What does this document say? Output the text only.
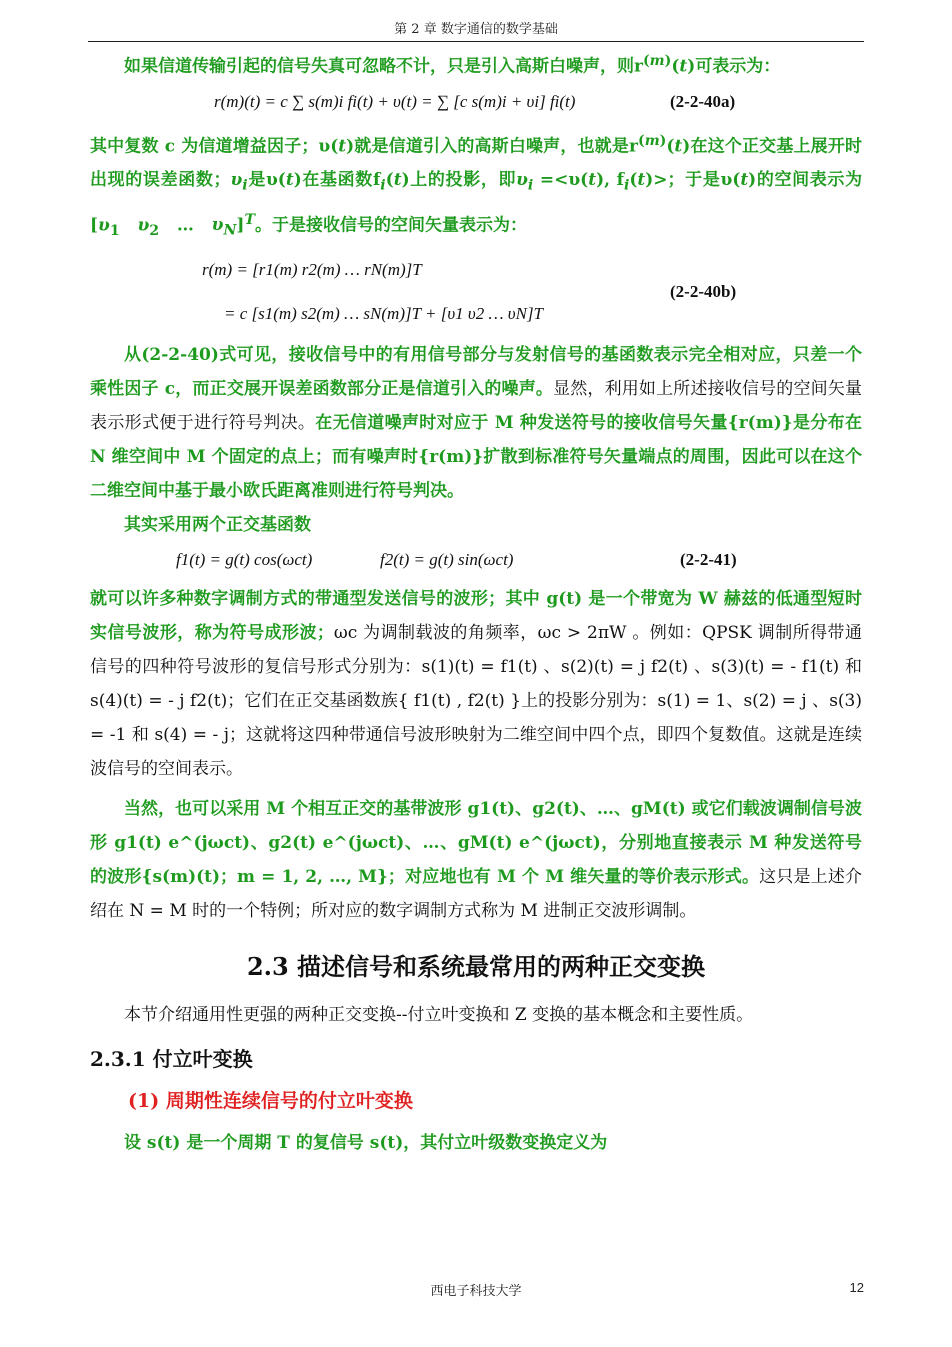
第 2 章 数字通信的数学基础

如果信道传输引起的信号失真可忽略不计，只是引入高斯白噪声，则$r^{(m)}(t)$可表示为：

r(m)(t) = c ∑ s(m)i fi(t) + υ(t) = ∑ [c s(m)i + υi] fi(t)	(2-2-40a)

其中复数 c 为信道增益因子；υ(t)就是信道引入的高斯白噪声，也就是$r^{(m)}(t)$在这个正交基上展开时出现的误差函数；$\upsilon_i$是υ(t)在基函数$f_i(t)$上的投影，即$\upsilon_i =<\upsilon(t)$, $f_i(t)>$；于是υ(t)的空间表示为[$\upsilon_1$ $\upsilon_2$   …   $\upsilon_N]^T$。于是接收信号的空间矢量表示为：

r(m) = [r1(m) r2(m) … rN(m)]T
= c [s1(m) s2(m) … sN(m)]T + [υ1 υ2 … υN]T
(2-2-40b)

从(2-2-40)式可见，接收信号中的有用信号部分与发射信号的基函数表示完全相对应，只差一个乘性因子 c，而正交展开误差函数部分正是信道引入的噪声。显然，利用如上所述接收信号的空间矢量表示形式便于进行符号判决。在无信道噪声时对应于 M 种发送符号的接收信号矢量{r(m)}是分布在 N 维空间中 M 个固定的点上；而有噪声时{r(m)}扩散到标准符号矢量端点的周围，因此可以在这个二维空间中基于最小欧氏距离准则进行符号判决。

其实采用两个正交基函数

f1(t) = g(t) cos(ωct)	f2(t) = g(t) sin(ωct)	(2-2-41)

就可以许多种数字调制方式的带通型发送信号的波形；其中 g(t) 是一个带宽为 W 赫兹的低通型短时实信号波形，称为符号成形波；ωc 为调制载波的角频率，ωc > 2πW 。例如：QPSK 调制所得带通信号的四种符号波形的复信号形式分别为：s(1)(t) = f1(t) 、s(2)(t) = j f2(t) 、s(3)(t) = - f1(t) 和 s(4)(t) = - j f2(t)；它们在正交基函数族{ f1(t) , f2(t) }上的投影分别为：s(1) = 1、s(2) = j 、s(3) = -1 和 s(4) = - j；这就将这四种带通信号波形映射为二维空间中四个点，即四个复数值。这就是连续波信号的空间表示。

当然，也可以采用 M 个相互正交的基带波形 g1(t)、g2(t)、…、gM(t) 或它们载波调制信号波形 g1(t) e^(jωct)、g2(t) e^(jωct)、…、gM(t) e^(jωct)，分别地直接表示 M 种发送符号的波形{s(m)(t)；m = 1, 2, …, M}；对应地也有 M 个 M 维矢量的等价表示形式。这只是上述介绍在 N = M 时的一个特例；所对应的数字调制方式称为 M 进制正交波形调制。

2.3 描述信号和系统最常用的两种正交变换

本节介绍通用性更强的两种正交变换--付立叶变换和 Z 变换的基本概念和主要性质。

2.3.1 付立叶变换
(1) 周期性连续信号的付立叶变换

设 s(t) 是一个周期 T 的复信号 s(t)，其付立叶级数变换定义为

西电子科技大学	12
